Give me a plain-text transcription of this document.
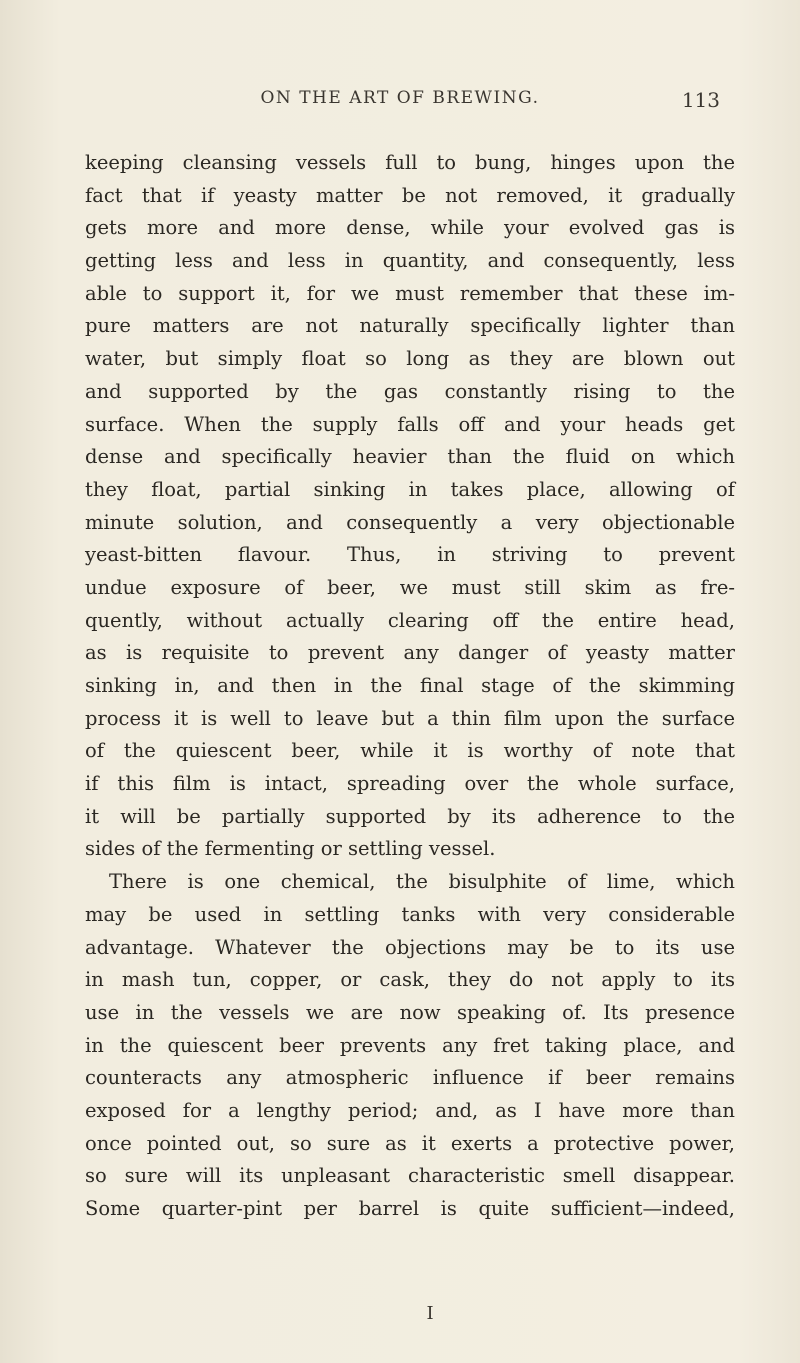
ON THE ART OF BREWING.	113
keeping cleansing vessels full to bung, hinges upon the
fact that if yeasty matter be not removed, it gradually
gets more and more dense, while your evolved gas is
getting less and less in quantity, and consequently, less
able to support it, for we must remember that these im-
pure matters are not naturally specifically lighter than
water, but simply float so long as they are blown out
and supported by the gas constantly rising to the
surface. When the supply falls off and your heads get
dense and specifically heavier than the fluid on which
they float, partial sinking in takes place, allowing of
minute solution, and consequently a very objectionable
yeast-bitten flavour. Thus, in striving to prevent
undue exposure of beer, we must still skim as fre-
quently, without actually clearing off the entire head,
as is requisite to prevent any danger of yeasty matter
sinking in, and then in the final stage of the skimming
process it is well to leave but a thin film upon the surface
of the quiescent beer, while it is worthy of note that
if this film is intact, spreading over the whole surface,
it will be partially supported by its adherence to the
sides of the fermenting or settling vessel.
There is one chemical, the bisulphite of lime, which
may be used in settling tanks with very considerable
advantage. Whatever the objections may be to its use
in mash tun, copper, or cask, they do not apply to its
use in the vessels we are now speaking of. Its presence
in the quiescent beer prevents any fret taking place, and
counteracts any atmospheric influence if beer remains
exposed for a lengthy period; and, as I have more than
once pointed out, so sure as it exerts a protective power,
so sure will its unpleasant characteristic smell disappear.
Some quarter-pint per barrel is quite sufficient—indeed,
I
